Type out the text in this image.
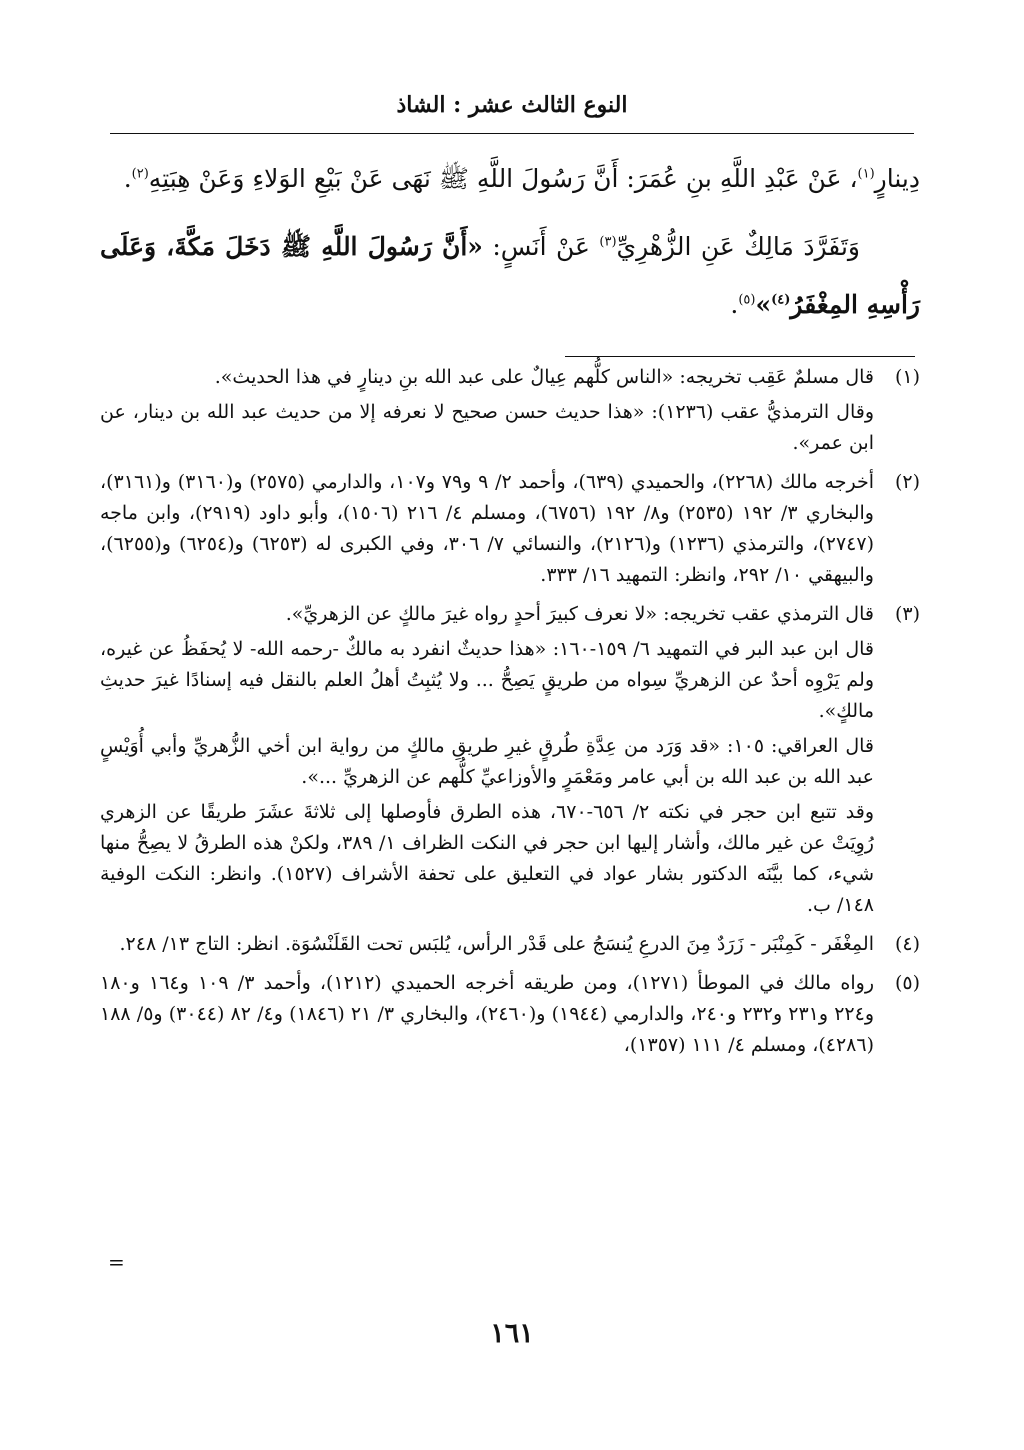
النوع الثالث عشر : الشاذ

دِينارٍ$^{(١)}$، عَنْ عَبْدِ اللَّهِ بنِ عُمَرَ: أَنَّ رَسُولَ اللَّهِ ﷺ نَهَى عَنْ بَيْعِ الوَلاءِ وَعَنْ هِبَتِهِ$^{(٢)}$.

وَتَفَرَّدَ مَالِكٌ عَنِ الزُّهْرِيِّ$^{(٣)}$ عَنْ أَنَسٍ: «أَنَّ رَسُولَ اللَّهِ ﷺ دَخَلَ مَكَّةَ، وَعَلَى رَأْسِهِ المِغْفَرُ$^{(٤)}$»$^{(٥)}$.

(١)

قال مسلمٌ عَقِب تخريجه: «الناس كلُّهم عِيالٌ على عبد الله بنِ دينارٍ في هذا الحديث».

وقال الترمذيُّ عقب (١٢٣٦): «هذا حديث حسن صحيح لا نعرفه إلا من حديث عبد الله بن دينار، عن ابن عمر».

(٢)

أخرجه مالك (٢٢٦٨)، والحميدي (٦٣٩)، وأحمد ٢/ ٩ و٧٩ و١٠٧، والدارمي (٢٥٧٥) و(٣١٦٠) و(٣١٦١)، والبخاري ٣/ ١٩٢ (٢٥٣٥) و٨/ ١٩٢ (٦٧٥٦)، ومسلم ٤/ ٢١٦ (١٥٠٦)، وأبو داود (٢٩١٩)، وابن ماجه (٢٧٤٧)، والترمذي (١٢٣٦) و(٢١٢٦)، والنسائي ٧/ ٣٠٦، وفي الكبرى له (٦٢٥٣) و(٦٢٥٤) و(٦٢٥٥)، والبيهقي ١٠/ ٢٩٢، وانظر: التمهيد ١٦/ ٣٣٣.

(٣)

قال الترمذي عقب تخريجه: «لا نعرف كبيرَ أحدٍ رواه غيرَ مالكٍ عن الزهريِّ».

قال ابن عبد البر في التمهيد ٦/ ١٥٩-١٦٠: «هذا حديثٌ انفرد به مالكٌ -رحمه الله- لا يُحفَظُ عن غيره، ولم يَرْوِه أحدٌ عن الزهريِّ سِواه من طريقٍ يَصِحُّ ... ولا يُثبِتُ أهلُ العلم بالنقل فيه إسنادًا غيرَ حديثِ مالكٍ».

قال العراقي: ١٠٥: «قد وَرَد من عِدَّةِ طُرقٍ غيرِ طريقِ مالكٍ من رواية ابن أخي الزُّهريِّ وأبي أُوَيْسٍ عبد الله بن عبد الله بن أبي عامر ومَعْمَرٍ والأوزاعيِّ كلُّهم عن الزهريِّ ...».

وقد تتبع ابن حجر في نكته ٢/ ٦٥٦-٦٧٠، هذه الطرق فأوصلها إلى ثلاثةَ عشَرَ طريقًا عن الزهري رُوِيَتْ عن غير مالك، وأشار إليها ابن حجر في النكت الظراف ١/ ٣٨٩، ولكنْ هذه الطرقُ لا يصِحُّ منها شيء، كما بيَّنَه الدكتور بشار عواد في التعليق على تحفة الأشراف (١٥٢٧). وانظر: النكت الوفية ١٤٨/ ب.

(٤)

المِغْفَر - كَمِنْبَر - زَرَدٌ مِنَ الدرعِ يُنسَجُ على قَدْر الرأس، يُلبَس تحت القَلَنْسُوَة. انظر: التاج ١٣/ ٢٤٨.

(٥)

رواه مالك في الموطأ (١٢٧١)، ومن طريقه أخرجه الحميدي (١٢١٢)، وأحمد ٣/ ١٠٩ و١٦٤ و١٨٠ و٢٢٤ و٢٣١ و٢٣٢ و٢٤٠، والدارمي (١٩٤٤) و(٢٤٦٠)، والبخاري ٣/ ٢١ (١٨٤٦) و٤/ ٨٢ (٣٠٤٤) و٥/ ١٨٨ (٤٢٨٦)، ومسلم ٤/ ١١١ (١٣٥٧)،

=
١٦١
